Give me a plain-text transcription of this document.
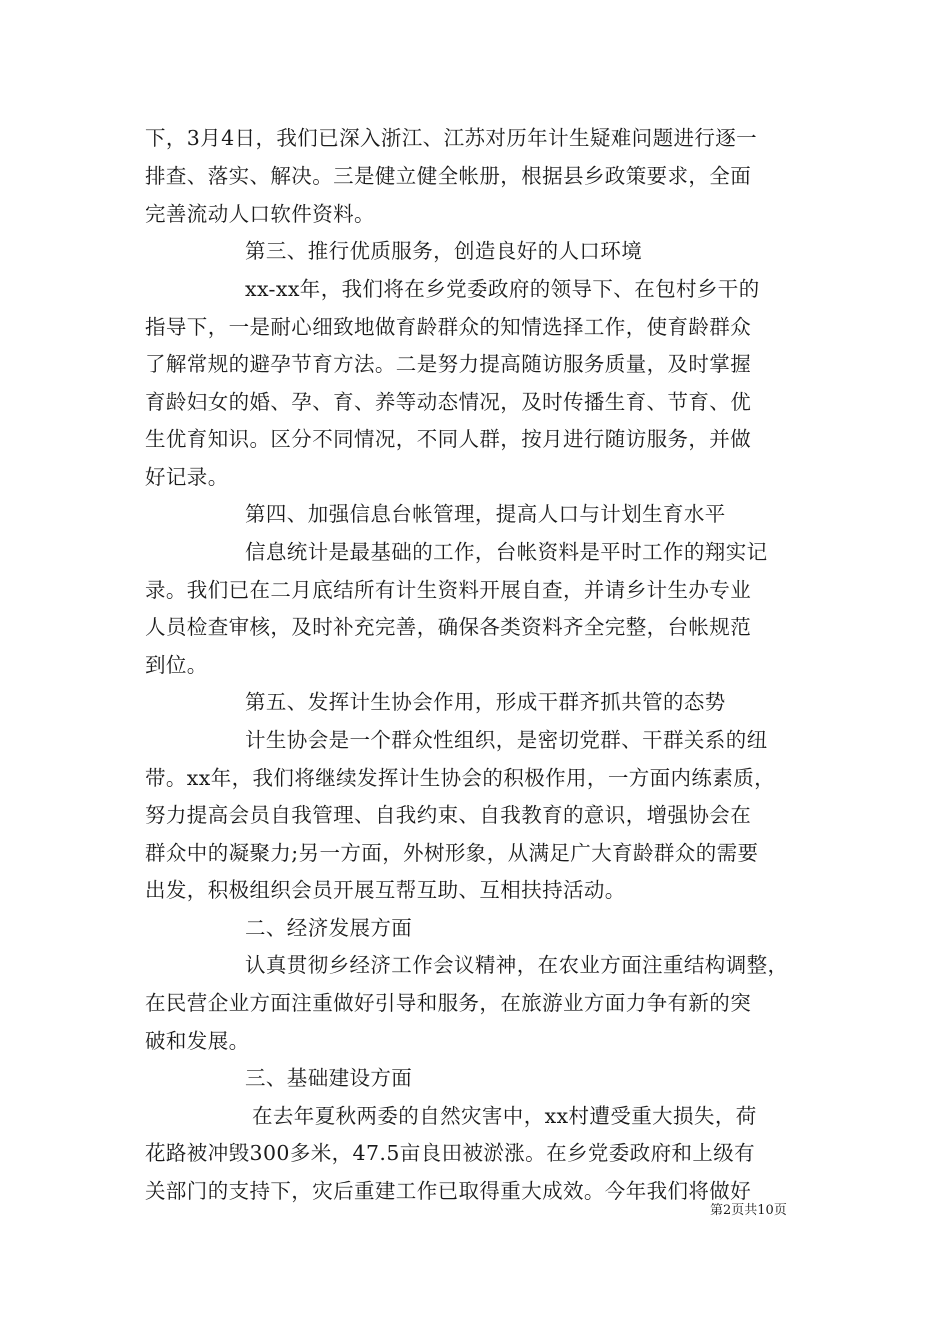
下，3月4日，我们已深入浙江、江苏对历年计生疑难问题进行逐一
排查、落实、解决。三是健立健全帐册，根据县乡政策要求，全面
完善流动人口软件资料。
第三、推行优质服务，创造良好的人口环境
xx-xx年，我们将在乡党委政府的领导下、在包村乡干的
指导下，一是耐心细致地做育龄群众的知情选择工作，使育龄群众
了解常规的避孕节育方法。二是努力提高随访服务质量，及时掌握
育龄妇女的婚、孕、育、养等动态情况，及时传播生育、节育、优
生优育知识。区分不同情况，不同人群，按月进行随访服务，并做
好记录。
第四、加强信息台帐管理，提高人口与计划生育水平
信息统计是最基础的工作，台帐资料是平时工作的翔实记
录。我们已在二月底结所有计生资料开展自查，并请乡计生办专业
人员检查审核，及时补充完善，确保各类资料齐全完整，台帐规范
到位。
第五、发挥计生协会作用，形成干群齐抓共管的态势
计生协会是一个群众性组织，是密切党群、干群关系的纽
带。xx年，我们将继续发挥计生协会的积极作用，一方面内练素质，
努力提高会员自我管理、自我约束、自我教育的意识，增强协会在
群众中的凝聚力;另一方面，外树形象，从满足广大育龄群众的需要
出发，积极组织会员开展互帮互助、互相扶持活动。
二、经济发展方面
认真贯彻乡经济工作会议精神，在农业方面注重结构调整，
在民营企业方面注重做好引导和服务，在旅游业方面力争有新的突
破和发展。
三、基础建设方面
在去年夏秋两委的自然灾害中，xx村遭受重大损失，荷
花路被冲毁300多米，47.5亩良田被淤涨。在乡党委政府和上级有
关部门的支持下，灾后重建工作已取得重大成效。今年我们将做好
第2页共10页
